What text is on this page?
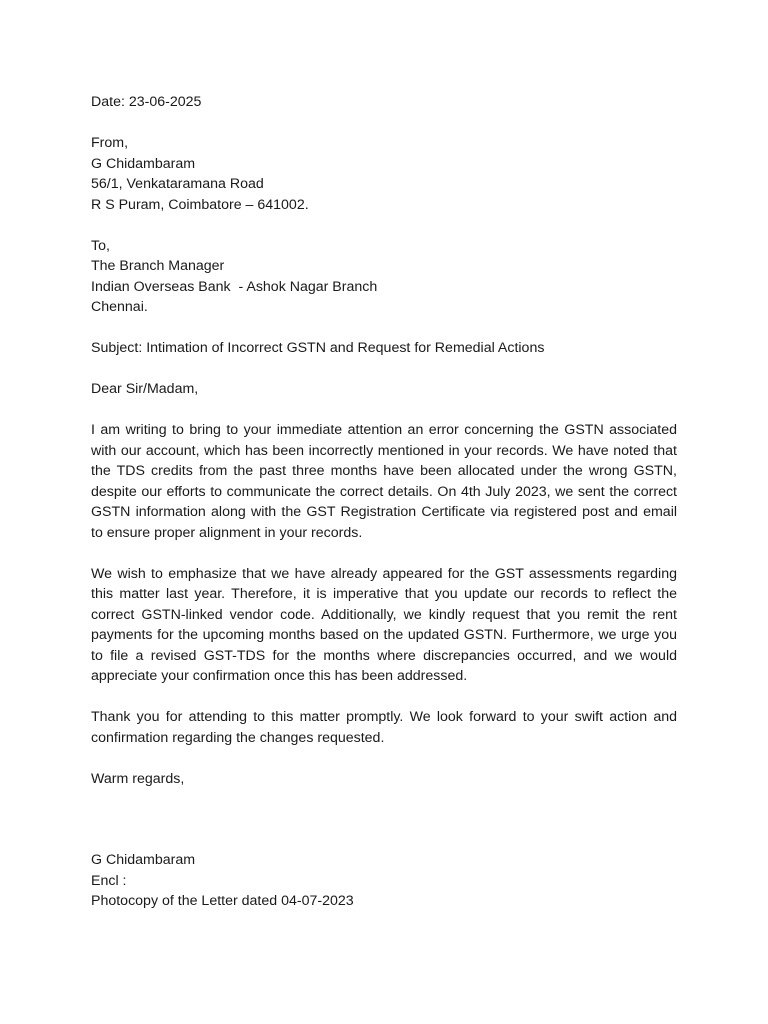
Date: 23-06-2025
From,
G Chidambaram
56/1, Venkataramana Road
R S Puram, Coimbatore – 641002.
To,
The Branch Manager
Indian Overseas Bank  - Ashok Nagar Branch
Chennai.
Subject: Intimation of Incorrect GSTN and Request for Remedial Actions
Dear Sir/Madam,

I am writing to bring to your immediate attention an error concerning the GSTN associated with our account, which has been incorrectly mentioned in your records. We have noted that the TDS credits from the past three months have been allocated under the wrong GSTN, despite our efforts to communicate the correct details. On 4th July 2023, we sent the correct GSTN information along with the GST Registration Certificate via registered post and email to ensure proper alignment in your records.

We wish to emphasize that we have already appeared for the GST assessments regarding this matter last year. Therefore, it is imperative that you update our records to reflect the correct GSTN-linked vendor code. Additionally, we kindly request that you remit the rent payments for the upcoming months based on the updated GSTN. Furthermore, we urge you to file a revised GST-TDS for the months where discrepancies occurred, and we would appreciate your confirmation once this has been addressed.

Thank you for attending to this matter promptly. We look forward to your swift action and confirmation regarding the changes requested.

Warm regards,
G Chidambaram
Encl :
Photocopy of the Letter dated 04-07-2023
